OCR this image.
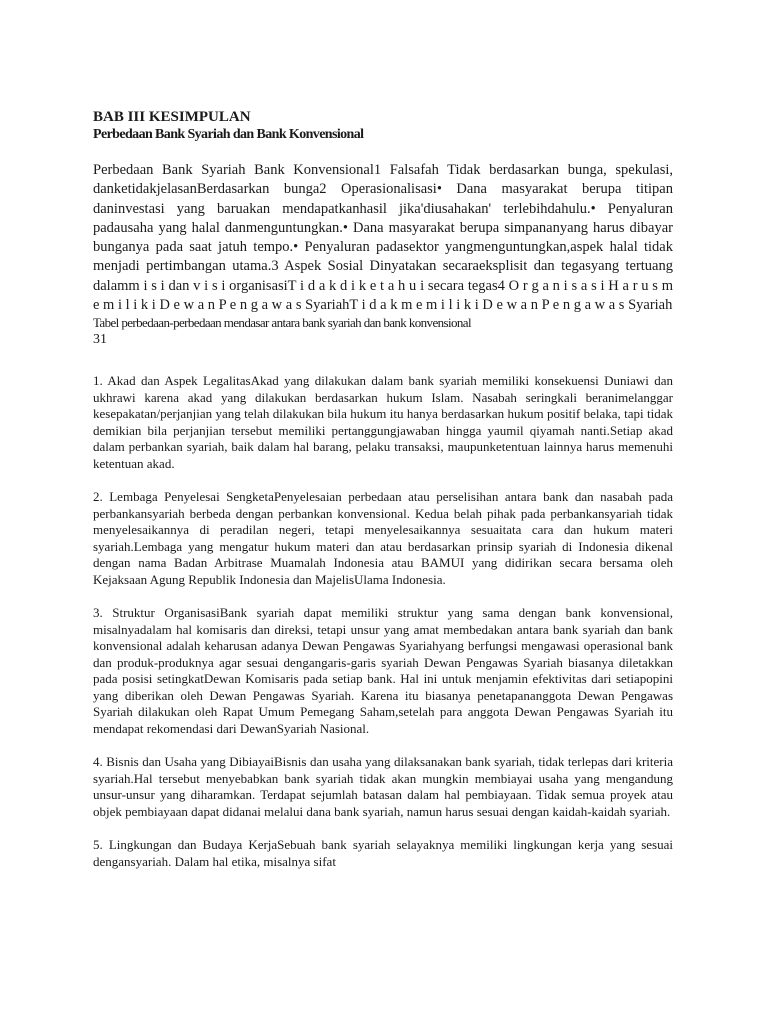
BAB III KESIMPULAN
Perbedaan Bank Syariah dan Bank Konvensional

Perbedaan Bank Syariah Bank Konvensional1 Falsafah Tidak berdasarkan bunga, spekulasi, danketidakjelasanBerdasarkan bunga2 Operasionalisasi• Dana masyarakat berupa titipan daninvestasi yang baruakan mendapatkanhasil jika'diusahakan' terlebihdahulu.• Penyaluran padausaha yang halal danmenguntungkan.• Dana masyarakat berupa simpananyang harus dibayar bunganya pada saat jatuh tempo.• Penyaluran padasektor yangmenguntungkan,aspek halal tidak menjadi pertimbangan utama.3 Aspek Sosial Dinyatakan secaraeksplisit dan tegasyang tertuang dalamm i s i dan v i s i organisasiT i d a k d i k e t a h u i secara tegas4 O r g a n i s a s i H a r u s m e m i l i k i D e w a n P e n g a w a s SyariahT i d a k m e m i l i k i D e w a n P e n g a w a s Syariah

Tabel perbedaan-perbedaan mendasar antara bank syariah dan bank konvensional

31

1. Akad dan Aspek LegalitasAkad yang dilakukan dalam bank syariah memiliki konsekuensi Duniawi dan ukhrawi karena akad yang dilakukan berdasarkan hukum Islam. Nasabah seringkali beranimelanggar kesepakatan/perjanjian yang telah dilakukan bila hukum itu hanya berdasarkan hukum positif belaka, tapi tidak demikian bila perjanjian tersebut memiliki pertanggungjawaban hingga yaumil qiyamah nanti.Setiap akad dalam perbankan syariah, baik dalam hal barang, pelaku transaksi, maupunketentuan lainnya harus memenuhi ketentuan akad.

2. Lembaga Penyelesai SengketaPenyelesaian perbedaan atau perselisihan antara bank dan nasabah pada perbankansyariah berbeda dengan perbankan konvensional. Kedua belah pihak pada perbankansyariah tidak menyelesaikannya di peradilan negeri, tetapi menyelesaikannya sesuaitata cara dan hukum materi syariah.Lembaga yang mengatur hukum materi dan atau berdasarkan prinsip syariah di Indonesia dikenal dengan nama Badan Arbitrase Muamalah Indonesia atau BAMUI yang didirikan secara bersama oleh Kejaksaan Agung Republik Indonesia dan MajelisUlama Indonesia.

3. Struktur OrganisasiBank syariah dapat memiliki struktur yang sama dengan bank konvensional, misalnyadalam hal komisaris dan direksi, tetapi unsur yang amat membedakan antara bank syariah dan bank konvensional adalah keharusan adanya Dewan Pengawas Syariahyang berfungsi mengawasi operasional bank dan produk-produknya agar sesuai dengangaris-garis syariah Dewan Pengawas Syariah biasanya diletakkan pada posisi setingkatDewan Komisaris pada setiap bank. Hal ini untuk menjamin efektivitas dari setiapopini yang diberikan oleh Dewan Pengawas Syariah. Karena itu biasanya penetapananggota Dewan Pengawas Syariah dilakukan oleh Rapat Umum Pemegang Saham,setelah para anggota Dewan Pengawas Syariah itu mendapat rekomendasi dari DewanSyariah Nasional.

4. Bisnis dan Usaha yang DibiayaiBisnis dan usaha yang dilaksanakan bank syariah, tidak terlepas dari kriteria syariah.Hal tersebut menyebabkan bank syariah tidak akan mungkin membiayai usaha yang mengandung unsur-unsur yang diharamkan. Terdapat sejumlah batasan dalam hal pembiayaan. Tidak semua proyek atau objek pembiayaan dapat didanai melalui dana bank syariah, namun harus sesuai dengan kaidah-kaidah syariah.

5. Lingkungan dan Budaya KerjaSebuah bank syariah selayaknya memiliki lingkungan kerja yang sesuai dengansyariah. Dalam hal etika, misalnya sifat
